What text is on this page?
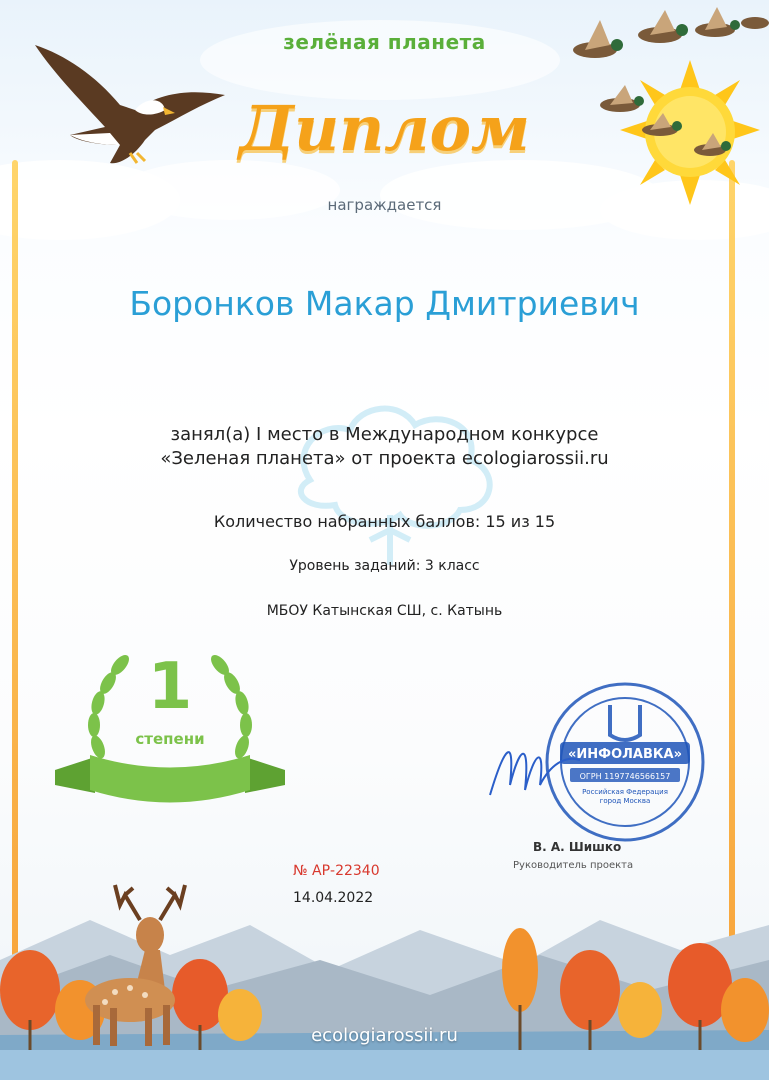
зелёная планета
Диплом
награждается
Боронков Макар Дмитриевич
занял(а) I место в Международном конкурсе
«Зеленая планета» от проекта ecologiarossii.ru
Количество набранных баллов: 15 из 15
Уровень заданий: 3 класс
МБОУ Катынская СШ, с. Катынь
1
степени
«ИНФОЛАВКА»
ОГРН 1197746566157
Российская Федерация
город Москва
В. А. Шишко
Руководитель проекта
№ АР-22340
14.04.2022
ecologiarossii.ru
